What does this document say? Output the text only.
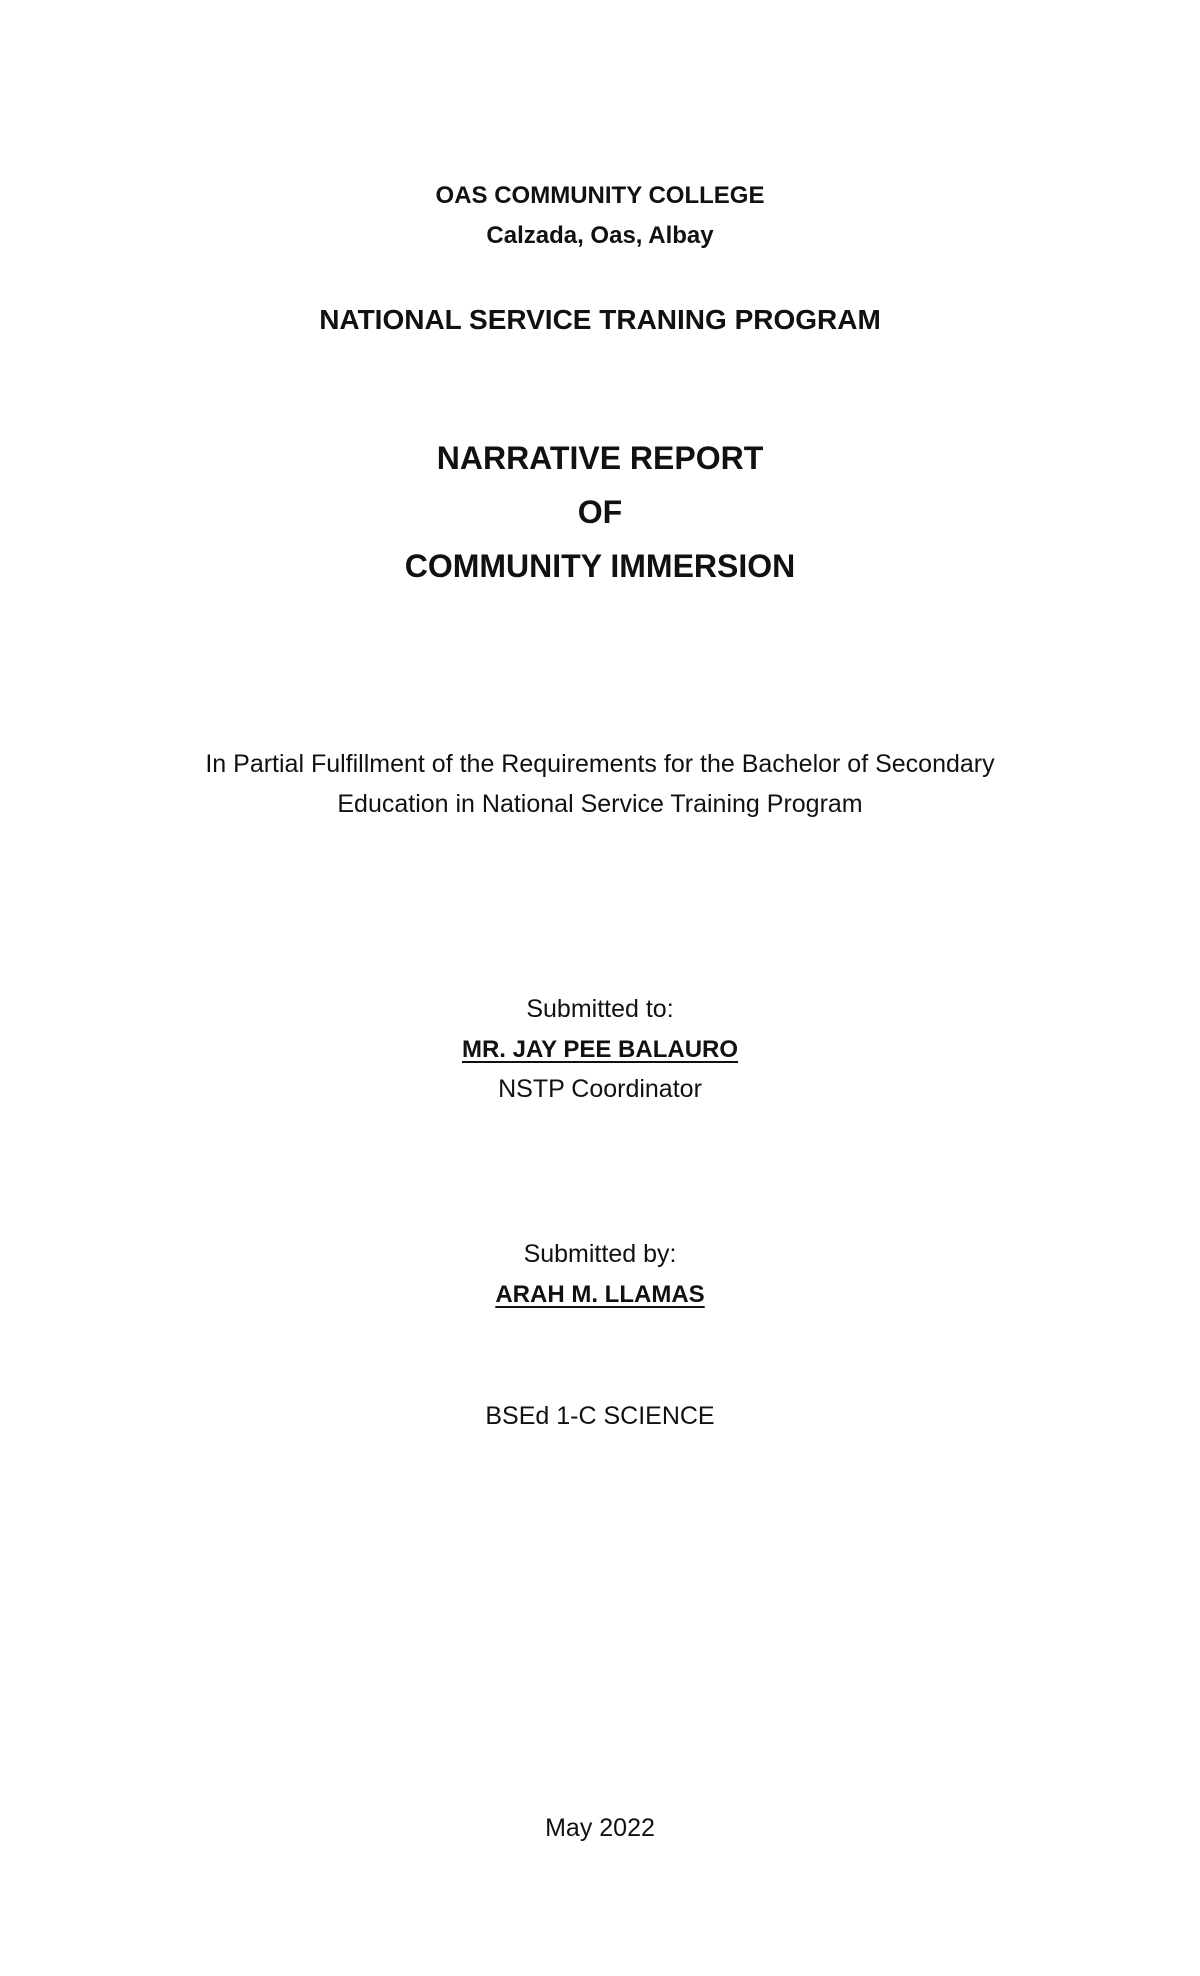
OAS COMMUNITY COLLEGE
Calzada, Oas, Albay
NATIONAL SERVICE TRANING PROGRAM
NARRATIVE REPORT
OF
COMMUNITY IMMERSION
In Partial Fulfillment of the Requirements for the Bachelor of Secondary
Education in National Service Training Program
Submitted to:
MR. JAY PEE BALAURO
NSTP Coordinator
Submitted by:
ARAH M. LLAMAS
BSEd 1-C SCIENCE
May 2022
